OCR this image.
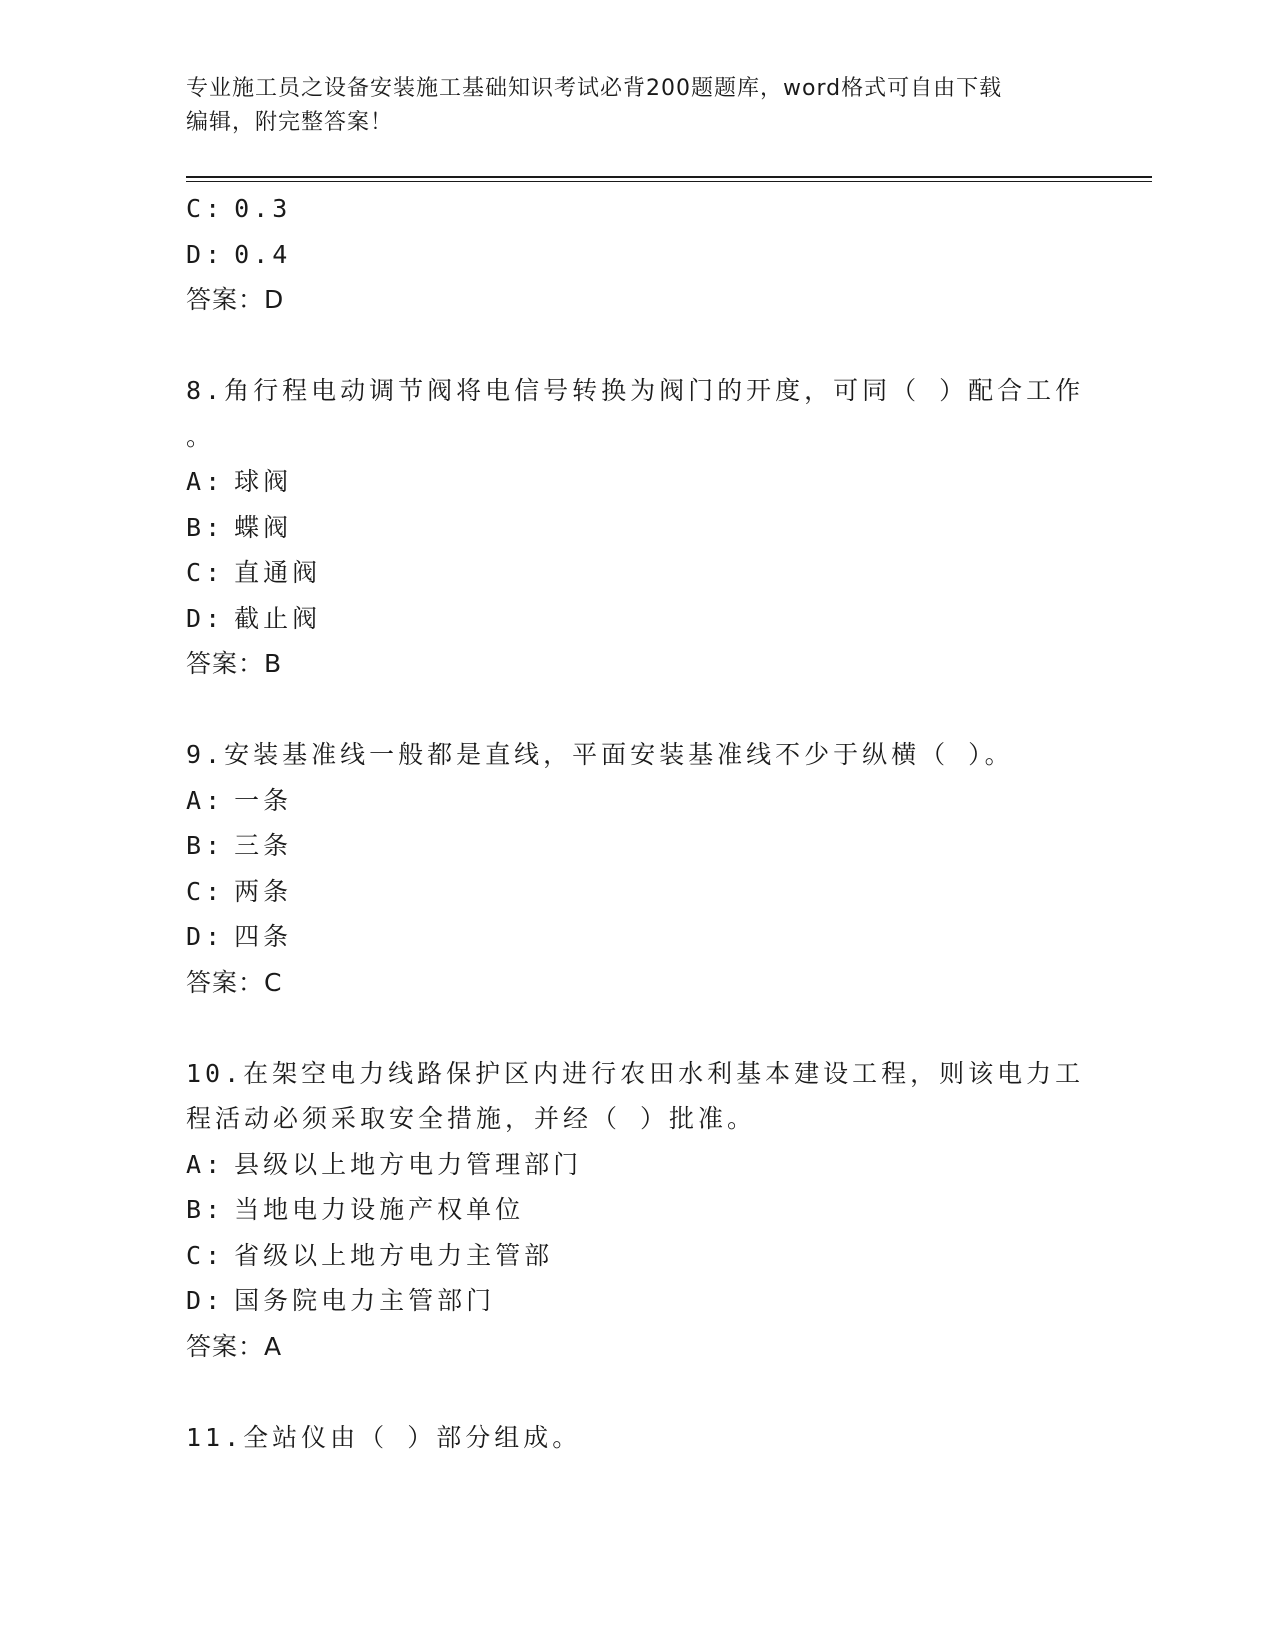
专业施工员之设备安装施工基础知识考试必背200题题库，word格式可自由下载
编辑，附完整答案！
C: 0.3
D: 0.4
答案：D
8.角行程电动调节阀将电信号转换为阀门的开度，可同（ ）配合工作
。
A: 球阀
B: 蝶阀
C: 直通阀
D: 截止阀
答案：B
9.安装基准线一般都是直线，平面安装基准线不少于纵横（ ）。
A: 一条
B: 三条
C: 两条
D: 四条
答案：C
10.在架空电力线路保护区内进行农田水利基本建设工程，则该电力工
程活动必须采取安全措施，并经（ ）批准。
A: 县级以上地方电力管理部门
B: 当地电力设施产权单位
C: 省级以上地方电力主管部
D: 国务院电力主管部门
答案：A
11.全站仪由（ ）部分组成。
